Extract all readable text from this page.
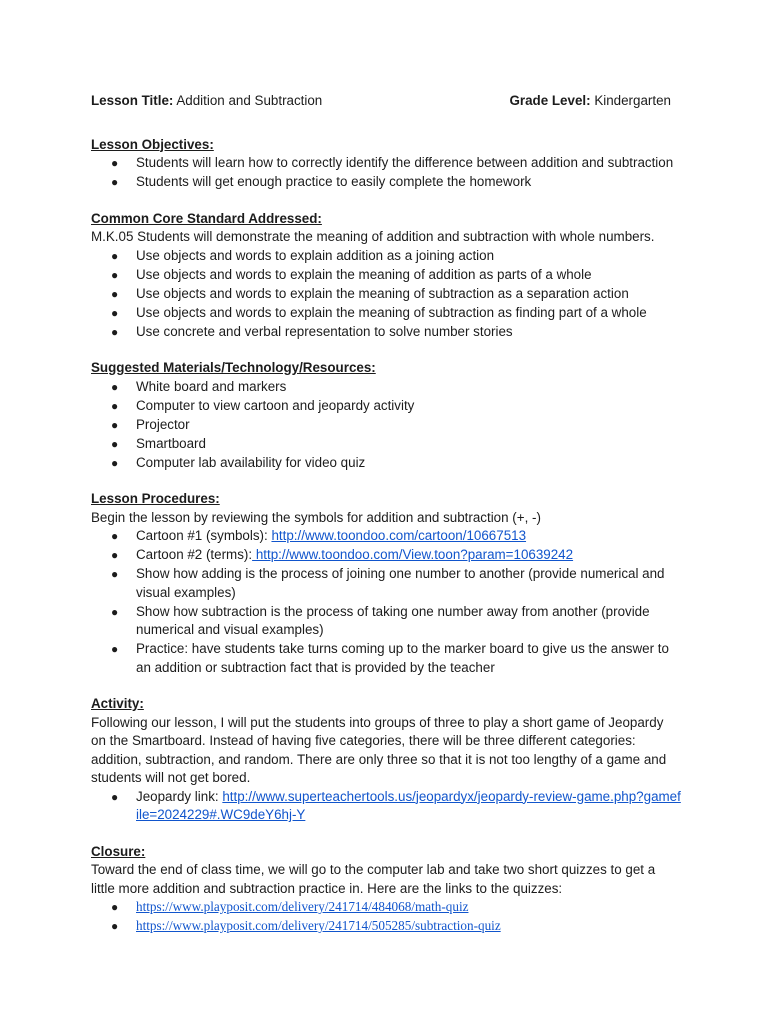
Lesson Title: Addition and Subtraction	Grade Level: Kindergarten
Lesson Objectives:
● Students will learn how to correctly identify the difference between addition and subtraction
● Students will get enough practice to easily complete the homework
Common Core Standard Addressed:

M.K.05 Students will demonstrate the meaning of addition and subtraction with whole numbers.

● Use objects and words to explain addition as a joining action
● Use objects and words to explain the meaning of addition as parts of a whole
● Use objects and words to explain the meaning of subtraction as a separation action
● Use objects and words to explain the meaning of subtraction as finding part of a whole
● Use concrete and verbal representation to solve number stories
Suggested Materials/Technology/Resources:
● White board and markers
● Computer to view cartoon and jeopardy activity
● Projector
● Smartboard
● Computer lab availability for video quiz
Lesson Procedures:

Begin the lesson by reviewing the symbols for addition and subtraction (+, -)

● Cartoon #1 (symbols): http://www.toondoo.com/cartoon/10667513
● Cartoon #2 (terms): http://www.toondoo.com/View.toon?param=10639242
● Show how adding is the process of joining one number to another (provide numerical and visual examples)
● Show how subtraction is the process of taking one number away from another (provide numerical and visual examples)
● Practice: have students take turns coming up to the marker board to give us the answer to an addition or subtraction fact that is provided by the teacher
Activity:

Following our lesson, I will put the students into groups of three to play a short game of Jeopardy on the Smartboard. Instead of having five categories, there will be three different categories: addition, subtraction, and random. There are only three so that it is not too lengthy of a game and students will not get bored.

● Jeopardy link: http://www.superteachertools.us/jeopardyx/jeopardy-review-game.php?gamefile=2024229#.WC9deY6hj-Y
Closure:

Toward the end of class time, we will go to the computer lab and take two short quizzes to get a little more addition and subtraction practice in. Here are the links to the quizzes:

● https://www.playposit.com/delivery/241714/484068/math-quiz
● https://www.playposit.com/delivery/241714/505285/subtraction-quiz
